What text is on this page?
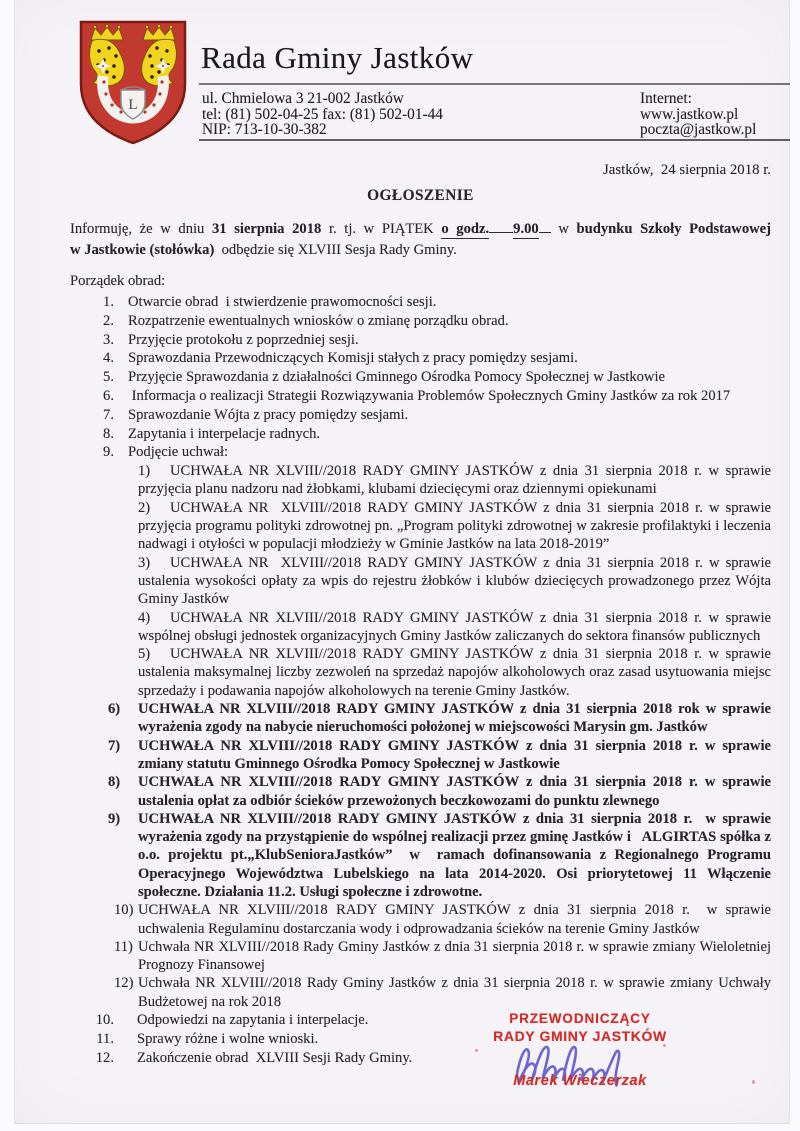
L
Rada Gminy Jastków
ul. Chmielowa 3 21-002 Jastków
tel: (81) 502-04-25 fax: (81) 502-01-44
NIP: 713-10-30-382
Internet:
www.jastkow.pl
poczta@jastkow.pl
Jastków,  24 sierpnia 2018 r.
OGŁOSZENIE
Informuję, że w dniu 31 sierpnia 2018 r. tj. w PIĄTEK o godz. 9.00 w budynku Szkoły Podstawowej
w Jastkowie (stołówka)  odbędzie się XLVIII Sesja Rady Gminy.
Porządek obrad:
1. Otwarcie obrad  i stwierdzenie prawomocności sesji.
2. Rozpatrzenie ewentualnych wniosków o zmianę porządku obrad.
3. Przyjęcie protokołu z poprzedniej sesji.
4. Sprawozdania Przewodniczących Komisji stałych z pracy pomiędzy sesjami.
5. Przyjęcie Sprawozdania z działalności Gminnego Ośrodka Pomocy Społecznej w Jastkowie
6. Informacja o realizacji Strategii Rozwiązywania Problemów Społecznych Gminy Jastków za rok 2017
7. Sprawozdanie Wójta z pracy pomiędzy sesjami.
8. Zapytania i interpelacje radnych.
9. Podjęcie uchwał:
1) UCHWAŁA NR XLVIII//2018 RADY GMINY JASTKÓW z dnia 31 sierpnia 2018 r. w sprawie przyjęcia planu nadzoru nad żłobkami, klubami dziecięcymi oraz dziennymi opiekunami
2) UCHWAŁA NR  XLVIII//2018 RADY GMINY JASTKÓW z dnia 31 sierpnia 2018 r. w sprawie przyjęcia programu polityki zdrowotnej pn. „Program polityki zdrowotnej w zakresie profilaktyki i leczenia nadwagi i otyłości w populacji młodzieży w Gminie Jastków na lata 2018-2019”
3) UCHWAŁA NR  XLVIII//2018 RADY GMINY JASTKÓW z dnia 31 sierpnia 2018 r. w sprawie ustalenia wysokości opłaty za wpis do rejestru żłobków i klubów dziecięcych prowadzonego przez Wójta Gminy Jastków
4) UCHWAŁA NR XLVIII//2018 RADY GMINY JASTKÓW z dnia 31 sierpnia 2018 r. w sprawie wspólnej obsługi jednostek organizacyjnych Gminy Jastków zaliczanych do sektora finansów publicznych
5) UCHWAŁA NR XLVIII//2018 RADY GMINY JASTKÓW z dnia 31 sierpnia 2018 r. w sprawie ustalenia maksymalnej liczby zezwoleń na sprzedaż napojów alkoholowych oraz zasad usytuowania miejsc sprzedaży i podawania napojów alkoholowych na terenie Gminy Jastków.
6) UCHWAŁA NR XLVIII//2018 RADY GMINY JASTKÓW z dnia 31 sierpnia 2018 rok w sprawie wyrażenia zgody na nabycie nieruchomości położonej w miejscowości Marysin gm. Jastków
7) UCHWAŁA NR XLVIII//2018 RADY GMINY JASTKÓW z dnia 31 sierpnia 2018 r. w sprawie zmiany statutu Gminnego Ośrodka Pomocy Społecznej w Jastkowie
8) UCHWAŁA NR XLVIII//2018 RADY GMINY JASTKÓW z dnia 31 sierpnia 2018 r. w sprawie ustalenia opłat za odbiór ścieków przewożonych beczkowozami do punktu zlewnego
9) UCHWAŁA NR XLVIII//2018 RADY GMINY JASTKÓW z dnia 31 sierpnia 2018 r.  w sprawie wyrażenia zgody na przystąpienie do wspólnej realizacji przez gminę Jastków i   ALGIRTAS spółka z o.o. projektu pt.„KlubSenioraJastków”  w  ramach dofinansowania z Regionalnego Programu Operacyjnego Województwa Lubelskiego na lata 2014-2020. Osi priorytetowej 11 Włączenie społeczne. Działania 11.2. Usługi społeczne i zdrowotne.
10) UCHWAŁA NR XLVIII//2018 RADY GMINY JASTKÓW z dnia 31 sierpnia 2018 r.  w sprawie uchwalenia Regulaminu dostarczania wody i odprowadzania ścieków na terenie Gminy Jastków
11) Uchwała NR XLVIII//2018 Rady Gminy Jastków z dnia 31 sierpnia 2018 r. w sprawie zmiany Wieloletniej Prognozy Finansowej
12) Uchwała NR XLVIII//2018 Rady Gminy Jastków z dnia 31 sierpnia 2018 r. w sprawie zmiany Uchwały Budżetowej na rok 2018
10. Odpowiedzi na zapytania i interpelacje.
11. Sprawy różne i wolne wnioski.
12. Zakończenie obrad  XLVIII Sesji Rady Gminy.
PRZEWODNICZĄCY
RADY GMINY JASTKÓW
Marek Wieczerzak
